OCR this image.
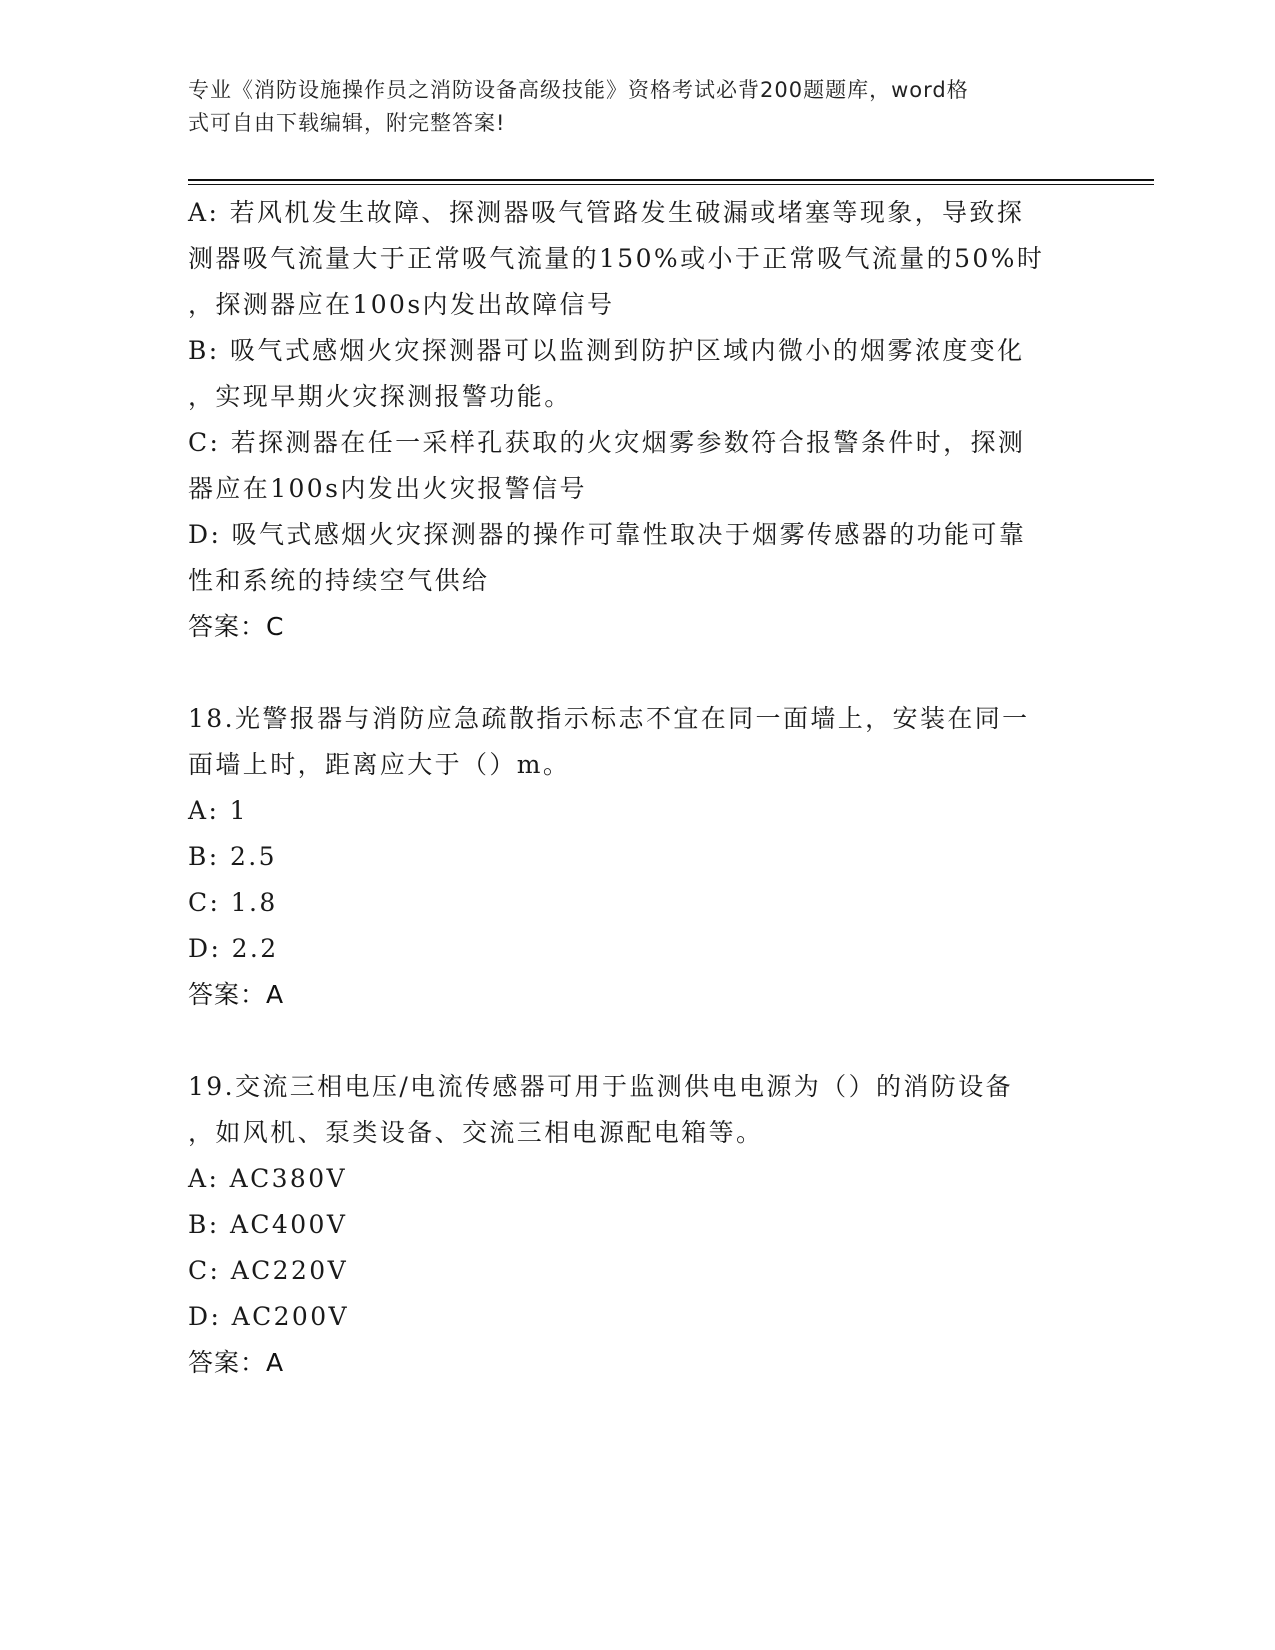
专业《消防设施操作员之消防设备高级技能》资格考试必背200题题库，word格
式可自由下载编辑，附完整答案!
A: 若风机发生故障、探测器吸气管路发生破漏或堵塞等现象，导致探
测器吸气流量大于正常吸气流量的150%或小于正常吸气流量的50%时
，探测器应在100s内发出故障信号
B: 吸气式感烟火灾探测器可以监测到防护区域内微小的烟雾浓度变化
，实现早期火灾探测报警功能。
C: 若探测器在任一采样孔获取的火灾烟雾参数符合报警条件时，探测
器应在100s内发出火灾报警信号
D: 吸气式感烟火灾探测器的操作可靠性取决于烟雾传感器的功能可靠
性和系统的持续空气供给
答案：C
18.光警报器与消防应急疏散指示标志不宜在同一面墙上，安装在同一
面墙上时，距离应大于（）m。
A: 1
B: 2.5
C: 1.8
D: 2.2
答案：A
19.交流三相电压/电流传感器可用于监测供电电源为（）的消防设备
，如风机、泵类设备、交流三相电源配电箱等。
A: AC380V
B: AC400V
C: AC220V
D: AC200V
答案：A
